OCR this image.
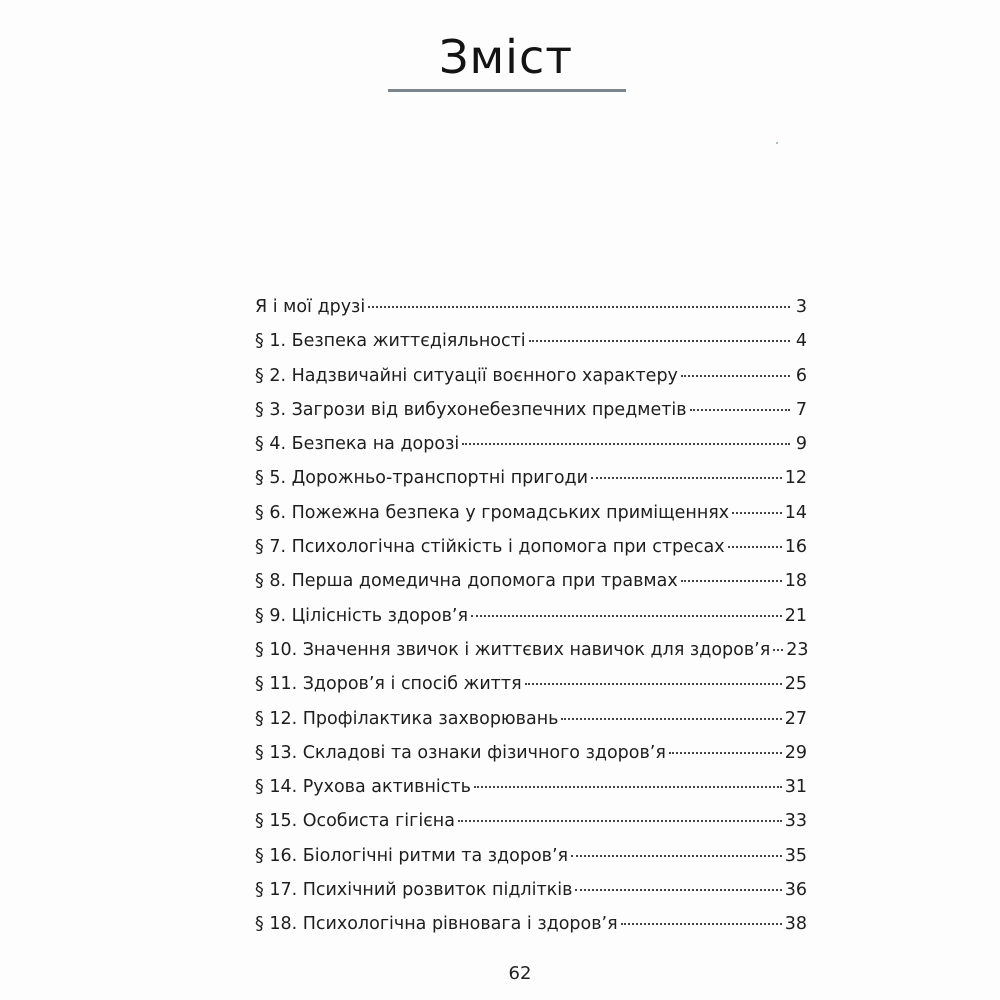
Зміст
Я і мої друзі	3
§ 1. Безпека життєдіяльності	4
§ 2. Надзвичайні ситуації воєнного характеру	6
§ 3. Загрози від вибухонебезпечних предметів	7
§ 4. Безпека на дорозі	9
§ 5. Дорожньо-транспортні пригоди	12
§ 6. Пожежна безпека у громадських приміщеннях	14
§ 7. Психологічна стійкість і допомога при стресах	16
§ 8. Перша домедична допомога при травмах	18
§ 9. Цілісність здоров’я	21
§ 10. Значення звичок і життєвих навичок для здоров’я 23
§ 11. Здоров’я і спосіб життя	25
§ 12. Профілактика захворювань	27
§ 13. Складові та ознаки фізичного здоров’я	29
§ 14. Рухова активність	31
§ 15. Особиста гігієна	33
§ 16. Біологічні ритми та здоров’я	35
§ 17. Психічний розвиток підлітків	36
§ 18. Психологічна рівновага і здоров’я	38
62
